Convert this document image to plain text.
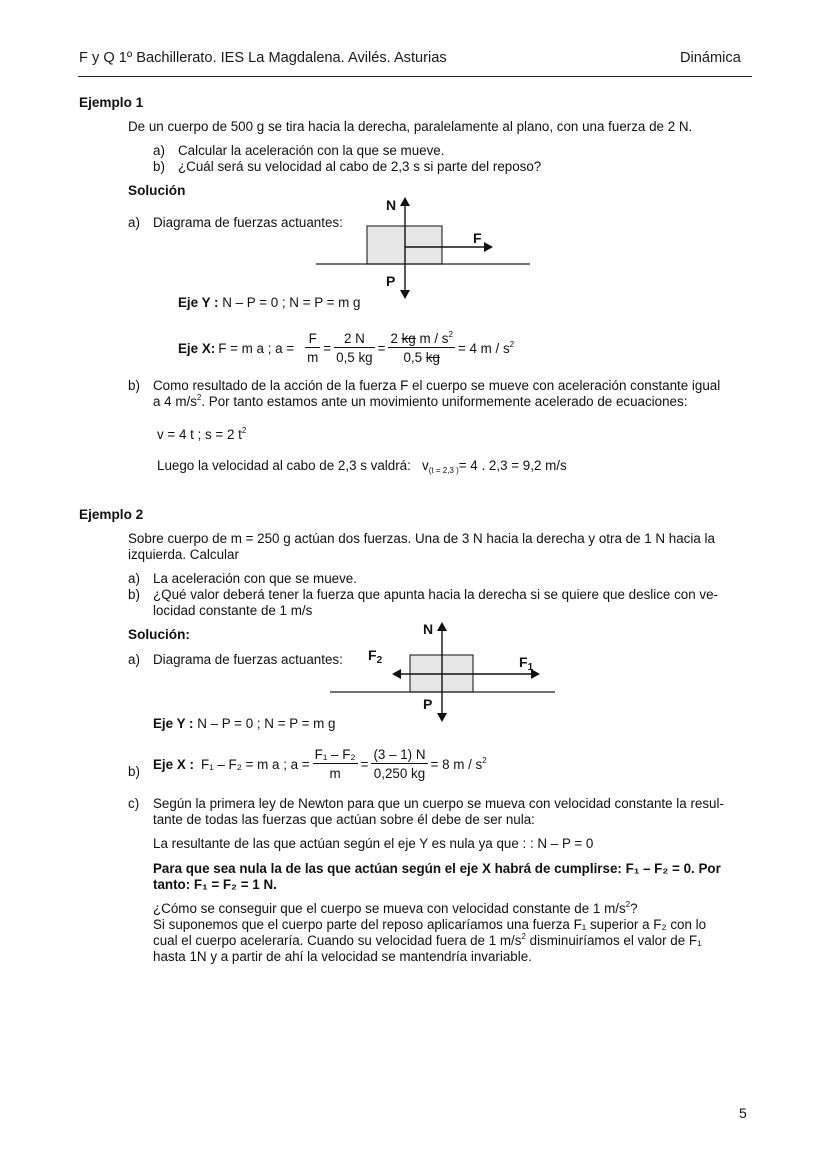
F y Q 1º Bachillerato. IES La Magdalena. Avilés. Asturias	Dinámica
Ejemplo 1
De un cuerpo de 500 g se tira hacia la derecha, paralelamente al plano, con una fuerza de 2 N.
a) Calcular la aceleración con la que se mueve.
b) ¿Cuál será su velocidad al cabo de 2,3 s si parte del reposo?
Solución
a) Diagrama de fuerzas actuantes:
N
P
F
Eje Y : N – P = 0 ; N = P = m g
Eje X: F = m a ; $a = \frac{F}{m} = \frac{2 N}{0,5 kg} = \frac{2 kg m / s^2}{0,5 kg} = 4$ m / $s^2$
b) Como resultado de la acción de la fuerza F el cuerpo se mueve con aceleración constante igual
a 4 $m/s^2$. Por tanto estamos ante un movimiento uniformemente acelerado de ecuaciones:
v = 4 t ; s = 2 $t^2$
Luego la velocidad al cabo de 2,3 s valdrá: $v_{(t = 2,3 )}= 4$ . 2,3 = 9,2 m/s
Ejemplo 2
Sobre cuerpo de m = 250 g actúan dos fuerzas. Una de 3 N hacia la derecha y otra de 1 N hacia la
izquierda. Calcular
a) La aceleración con que se mueve.
b) ¿Qué valor deberá tener la fuerza que apunta hacia la derecha si se quiere que deslice con ve-
locidad constante de 1 m/s
Solución:
a) Diagrama de fuerzas actuantes:
N
P
$F_2$	$F_1$
Eje Y : N – P = 0 ; N = P = m g
b) Eje X : F₁ – F₂ = m a ; $a = \frac{\text{F₁ – F₂}}{m} = \frac{(3 - 1) N}{0,250 kg} = 8$ m / $s^2$
c) Según la primera ley de Newton para que un cuerpo se mueva con velocidad constante la resul-
tante de todas las fuerzas que actúan sobre él debe de ser nula:
La resultante de las que actúan según el eje Y es nula ya que : : N – P = 0
Para que sea nula la de las que actúan según el eje X habrá de cumplirse: F₁ – F₂ = 0. Por
tanto: F₁ = F₂ = 1 N.
¿Cómo se conseguir que el cuerpo se mueva con velocidad constante de 1 $m/s^2$?
Si suponemos que el cuerpo parte del reposo aplicaríamos una fuerza F₁ superior a F₂ con lo
cual el cuerpo aceleraría. Cuando su velocidad fuera de 1 $m/s^2$ disminuiríamos el valor de F₁
hasta 1N y a partir de ahí la velocidad se mantendría invariable.
5
